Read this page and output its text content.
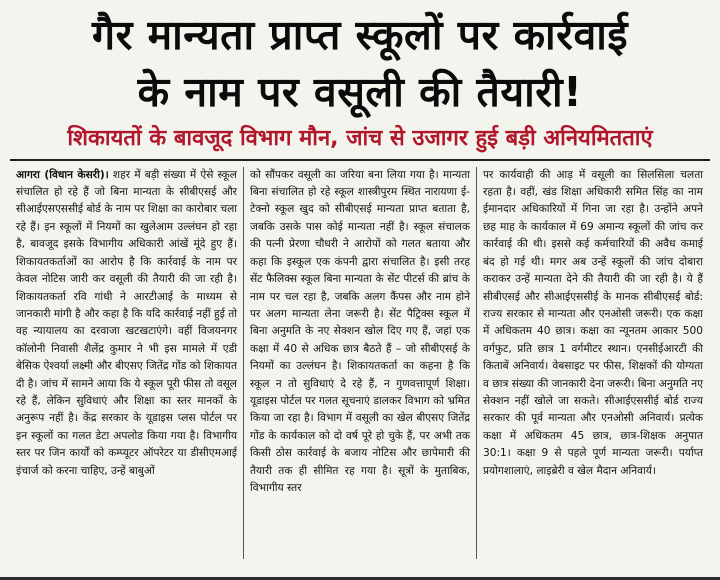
गैर मान्यता प्राप्त स्कूलों पर कार्रवाई
के नाम पर वसूली की तैयारी!
शिकायतों के बावजूद विभाग मौन, जांच से उजागर हुई बड़ी अनियमितताएं

आगरा (विधान केसरी)। शहर में बड़ी संख्या में ऐसे स्कूल संचालित हो रहे हैं जो बिना मान्यता के सीबीएसई और सीआईएसएससीई बोर्ड के नाम पर शिक्षा का कारोबार चला रहे हैं। इन स्कूलों में नियमों का खुलेआम उल्लंघन हो रहा है, बावजूद इसके विभागीय अधिकारी आंखें मूंदे हुए हैं। शिकायतकर्ताओं का आरोप है कि कार्रवाई के नाम पर केवल नोटिस जारी कर वसूली की तैयारी की जा रही है। शिकायतकर्ता रवि गांधी ने आरटीआई के माध्यम से जानकारी मांगी है और कहा है कि यदि कार्रवाई नहीं हुई तो वह न्यायालय का दरवाजा खटखटाएंगे। वहीं विजयनगर कॉलोनी निवासी शैलेंद्र कुमार ने भी इस मामले में एडी बेसिक ऐश्वर्या लक्ष्मी और बीएसए जितेंद्र गोंड को शिकायत दी है। जांच में सामने आया कि ये स्कूल पूरी फीस तो वसूल रहे हैं, लेकिन सुविधाएं और शिक्षा का स्तर मानकों के अनुरूप नहीं है। केंद्र सरकार के यूडाइस प्लस पोर्टल पर इन स्कूलों का गलत डेटा अपलोड किया गया है। विभागीय स्तर पर जिन कार्यों को कम्प्यूटर ऑपरेटर या डीसीएमआई इंचार्ज को करना चाहिए, उन्हें बाबुओं

को सौंपकर वसूली का जरिया बना लिया गया है। मान्यता बिना संचालित हो रहे स्कूल शास्त्रीपुरम स्थित नारायणा ई-टेक्नो स्कूल खुद को सीबीएसई मान्यता प्राप्त बताता है, जबकि उसके पास कोई मान्यता नहीं है। स्कूल संचालक की पत्नी प्रेरणा चौधरी ने आरोपों को गलत बताया और कहा कि इस्कूल एक कंपनी द्वारा संचालित है। इसी तरह सेंट फैलिक्स स्कूल बिना मान्यता के सेंट पीटर्स की ब्रांच के नाम पर चल रहा है, जबकि अलग कैंपस और नाम होने पर अलग मान्यता लेना जरूरी है। सेंट पैट्रिक्स स्कूल में बिना अनुमति के नए सेक्शन खोल दिए गए हैं, जहां एक कक्षा में 40 से अधिक छात्र बैठते हैं – जो सीबीएसई के नियमों का उल्लंघन है। शिकायतकर्ता का कहना है कि स्कूल न तो सुविधाएं दे रहे हैं, न गुणवत्तापूर्ण शिक्षा। यूडाइस पोर्टल पर गलत सूचनाएं डालकर विभाग को भ्रमित किया जा रहा है। विभाग में वसूली का खेल बीएसए जितेंद्र गोंड के कार्यकाल को दो वर्ष पूरे हो चुके हैं, पर अभी तक किसी ठोस कार्रवाई के बजाय नोटिस और छापेमारी की तैयारी तक ही सीमित रह गया है। सूत्रों के मुताबिक, विभागीय स्तर

पर कार्यवाही की आड़ में वसूली का सिलसिला चलता रहता है। वहीं, खंड शिक्षा अधिकारी समित सिंह का नाम ईमानदार अधिकारियों में गिना जा रहा है। उन्होंने अपने छह माह के कार्यकाल में 69 अमान्य स्कूलों की जांच कर कार्रवाई की थी। इससे कई कर्मचारियों की अवैध कमाई बंद हो गई थी। मगर अब उन्हें स्कूलों की जांच दोबारा कराकर उन्हें मान्यता देने की तैयारी की जा रही है। ये हैं सीबीएसई और सीआईएससीई के मानक सीबीएसई बोर्ड: राज्य सरकार से मान्यता और एनओसी जरूरी। एक कक्षा में अधिकतम 40 छात्र। कक्षा का न्यूनतम आकार 500 वर्गफुट, प्रति छात्र 1 वर्गमीटर स्थान। एनसीईआरटी की किताबें अनिवार्य। वेबसाइट पर फीस, शिक्षकों की योग्यता व छात्र संख्या की जानकारी देना जरूरी। बिना अनुमति नए सेक्शन नहीं खोले जा सकते। सीआईएससीई बोर्ड राज्य सरकार की पूर्व मान्यता और एनओसी अनिवार्य। प्रत्येक कक्षा में अधिकतम 45 छात्र, छात्र-शिक्षक अनुपात 30:1। कक्षा 9 से पहले पूर्ण मान्यता जरूरी। पर्याप्त प्रयोगशालाएं, लाइब्रेरी व खेल मैदान अनिवार्य।
